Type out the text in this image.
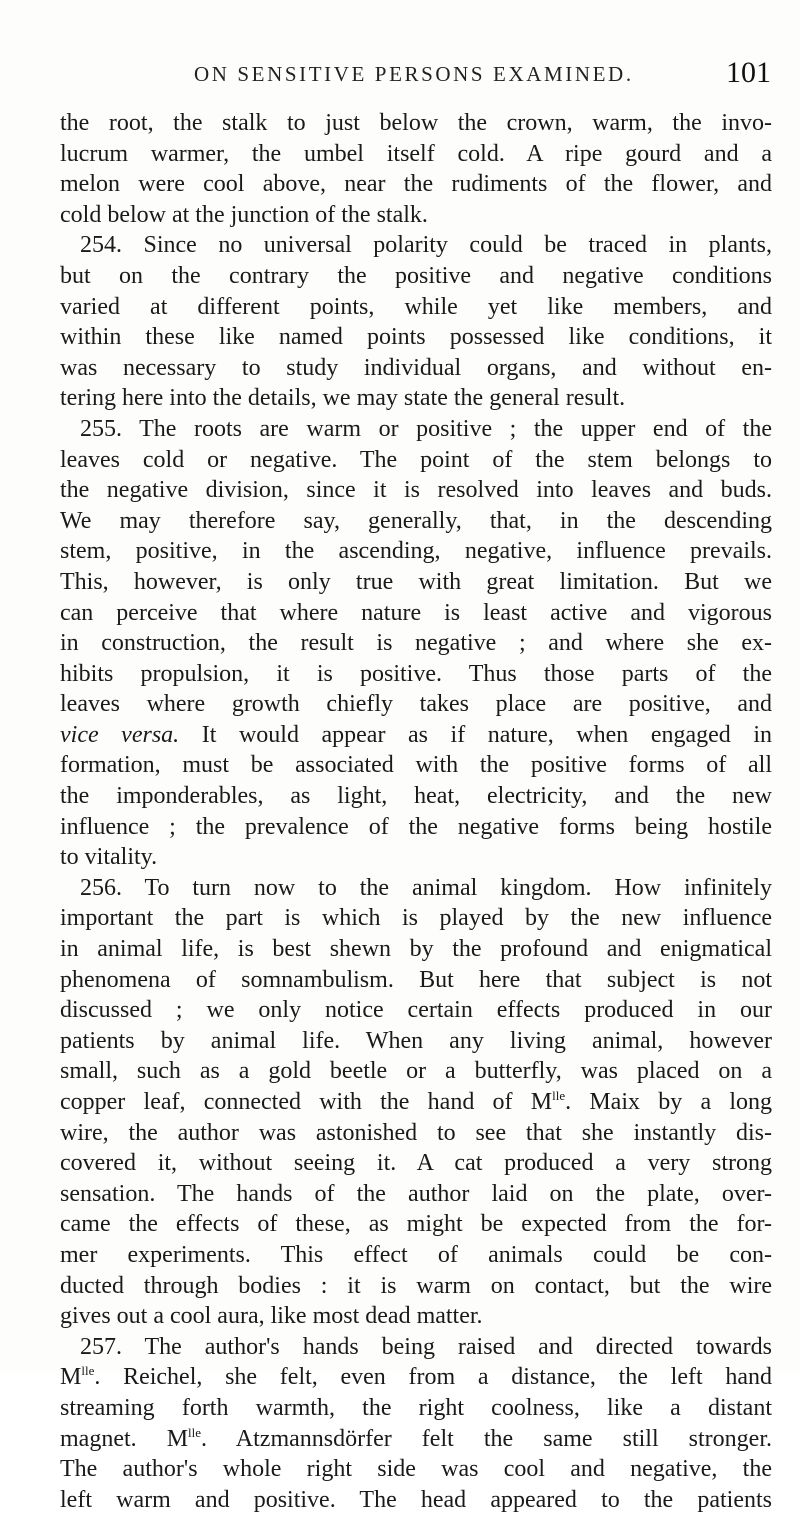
ON SENSITIVE PERSONS EXAMINED.	101
the root, the stalk to just below the crown, warm, the invo-
lucrum warmer, the umbel itself cold. A ripe gourd and a
melon were cool above, near the rudiments of the flower, and
cold below at the junction of the stalk.
254. Since no universal polarity could be traced in plants,
but on the contrary the positive and negative conditions
varied at different points, while yet like members, and
within these like named points possessed like conditions, it
was necessary to study individual organs, and without en-
tering here into the details, we may state the general result.
255. The roots are warm or positive ; the upper end of the
leaves cold or negative. The point of the stem belongs to
the negative division, since it is resolved into leaves and buds.
We may therefore say, generally, that, in the descending
stem, positive, in the ascending, negative, influence prevails.
This, however, is only true with great limitation. But we
can perceive that where nature is least active and vigorous
in construction, the result is negative ; and where she ex-
hibits propulsion, it is positive. Thus those parts of the
leaves where growth chiefly takes place are positive, and
vice versa. It would appear as if nature, when engaged in
formation, must be associated with the positive forms of all
the imponderables, as light, heat, electricity, and the new
influence ; the prevalence of the negative forms being hostile
to vitality.
256. To turn now to the animal kingdom. How infinitely
important the part is which is played by the new influence
in animal life, is best shewn by the profound and enigmatical
phenomena of somnambulism. But here that subject is not
discussed ; we only notice certain effects produced in our
patients by animal life. When any living animal, however
small, such as a gold beetle or a butterfly, was placed on a
copper leaf, connected with the hand of $M^{lle}$. Maix by a long
wire, the author was astonished to see that she instantly dis-
covered it, without seeing it. A cat produced a very strong
sensation. The hands of the author laid on the plate, over-
came the effects of these, as might be expected from the for-
mer experiments. This effect of animals could be con-
ducted through bodies : it is warm on contact, but the wire
gives out a cool aura, like most dead matter.
257. The author's hands being raised and directed towards
$M^{lle}$. Reichel, she felt, even from a distance, the left hand
streaming forth warmth, the right coolness, like a distant
magnet. $M^{lle}$. Atzmannsdörfer felt the same still stronger.
The author's whole right side was cool and negative, the
left warm and positive. The head appeared to the patients
